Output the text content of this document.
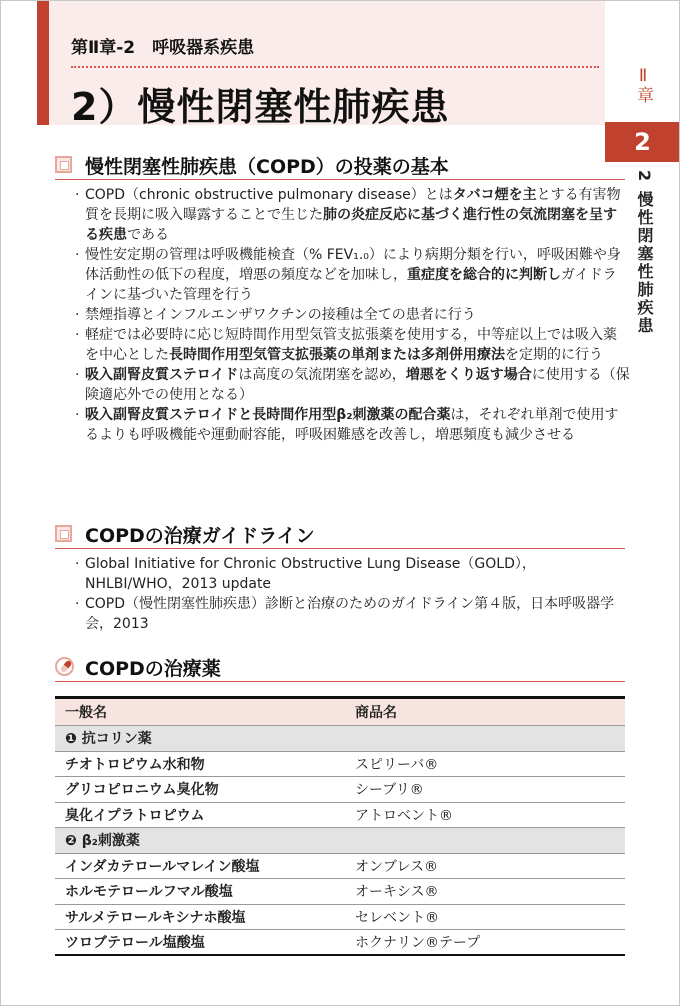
第Ⅱ章-2　呼吸器系疾患
2）慢性閉塞性肺疾患
Ⅱ章
2
2 慢性閉塞性肺疾患
慢性閉塞性肺疾患（COPD）の投薬の基本
· COPD（chronic obstructive pulmonary disease）とはタバコ煙を主とする有害物質を長期に吸入曝露することで生じた肺の炎症反応に基づく進行性の気流閉塞を呈する疾患である
· 慢性安定期の管理は呼吸機能検査（% FEV₁.₀）により病期分類を行い，呼吸困難や身体活動性の低下の程度，増悪の頻度などを加味し，重症度を総合的に判断しガイドラインに基づいた管理を行う
· 禁煙指導とインフルエンザワクチンの接種は全ての患者に行う
· 軽症では必要時に応じ短時間作用型気管支拡張薬を使用する，中等症以上では吸入薬を中心とした長時間作用型気管支拡張薬の単剤または多剤併用療法を定期的に行う
· 吸入副腎皮質ステロイドは高度の気流閉塞を認め，増悪をくり返す場合に使用する（保険適応外での使用となる）
· 吸入副腎皮質ステロイドと長時間作用型β₂刺激薬の配合薬は，それぞれ単剤で使用するよりも呼吸機能や運動耐容能，呼吸困難感を改善し，増悪頻度も減少させる
COPDの治療ガイドライン
· Global Initiative for Chronic Obstructive Lung Disease（GOLD），NHLBI/WHO，2013 update
· COPD（慢性閉塞性肺疾患）診断と治療のためのガイドライン第４版，日本呼吸器学会，2013
COPDの治療薬
一般名	商品名
❶ 抗コリン薬	
チオトロピウム水和物	スピリーバ®
グリコピロニウム臭化物	シーブリ®
臭化イプラトロピウム	アトロベント®
❷ β₂刺激薬	
インダカテロールマレイン酸塩	オンブレス®
ホルモテロールフマル酸塩	オーキシス®
サルメテロールキシナホ酸塩	セレベント®
ツロブテロール塩酸塩	ホクナリン®テープ
